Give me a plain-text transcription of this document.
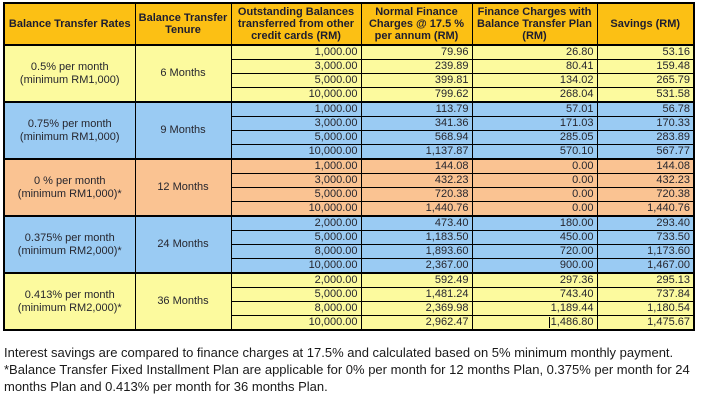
Balance Transfer Rates	Balance Transfer Tenure	Outstanding Balances transferred from other credit cards (RM)	Normal Finance Charges @ 17.5 % per annum (RM)	Finance Charges with Balance Transfer Plan (RM)	Savings (RM)

0.5% per month
(minimum RM1,000)	6 Months	1,000.00	79.96	26.80	53.16
		3,000.00	239.89	80.41	159.48
		5,000.00	399.81	134.02	265.79
		10,000.00	799.62	268.04	531.58

0.75% per month
(minimum RM1,000)	9 Months	1,000.00	113.79	57.01	56.78
		3,000.00	341.36	171.03	170.33
		5,000.00	568.94	285.05	283.89
		10,000.00	1,137.87	570.10	567.77

0 % per month
(minimum RM1,000)*	12 Months	1,000.00	144.08	0.00	144.08
		3,000.00	432.23	0.00	432.23
		5,000.00	720.38	0.00	720.38
		10,000.00	1,440.76	0.00	1,440.76

0.375% per month
(minimum RM2,000)*	24 Months	2,000.00	473.40	180.00	293.40
		5,000.00	1,183.50	450.00	733.50
		8,000.00	1,893.60	720.00	1,173.60
		10,000.00	2,367.00	900.00	1,467.00

0.413% per month
(minimum RM2,000)*	36 Months	2,000.00	592.49	297.36	295.13
		5,000.00	1,481.24	743.40	737.84
		8,000.00	2,369.98	1,189.44	1,180.54
		10,000.00	2,962.47	1,486.80	1,475.67

Interest savings are compared to finance charges at 17.5% and calculated based on 5% minimum monthly payment.

*Balance Transfer Fixed Installment Plan are applicable for 0% per month for 12 months Plan, 0.375% per month for 24 months Plan and 0.413% per month for 36 months Plan.
